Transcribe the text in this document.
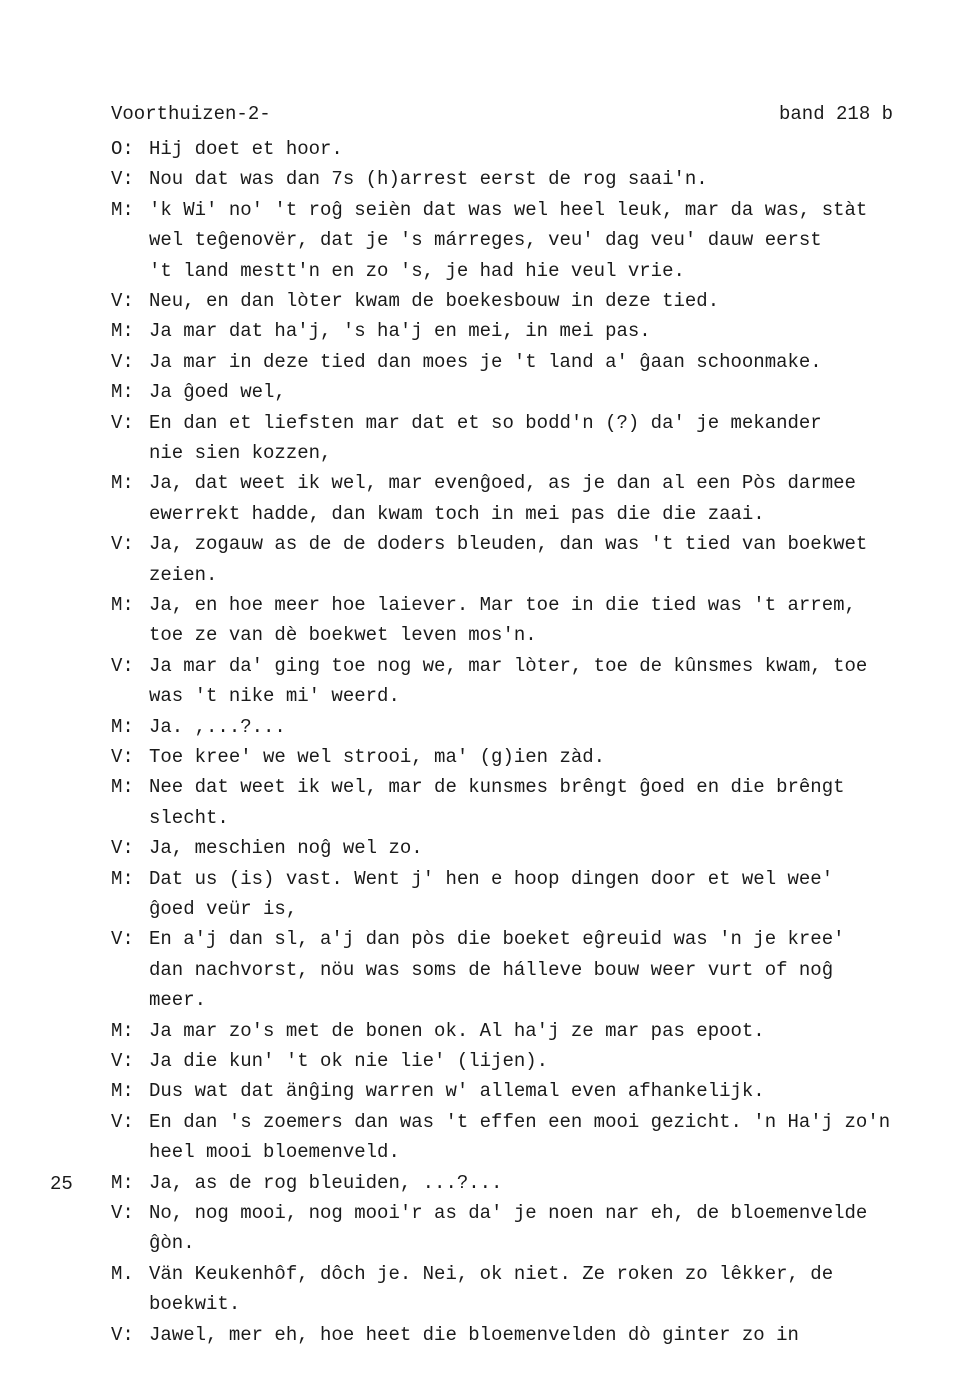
Voorthuizen-2-	band 218 b
O: Hij doet et hoor.
V: Nou dat was dan 7s (h)arrest eerst de rog saai'n.
M: 'k Wi' no' 't roĝ seièn dat was wel heel leuk, mar da was, stàt
wel teĝenovër, dat je 's márreges, veu' dag veu' dauw eerst
't land mestt'n en zo 's, je had hie veul vrie.
V: Neu, en dan lòter kwam de boekesbouw in deze tied.
M: Ja mar dat ha'j, 's ha'j en mei, in mei pas.
V: Ja mar in deze tied dan moes je 't land a' ĝaan schoonmake.
M: Ja ĝoed wel,
V: En dan et liefsten mar dat et so bodd'n (?) da' je mekander
nie sien kozzen,
M: Ja, dat weet ik wel, mar evenĝoed, as je dan al een Pòs darmee
ewerrekt hadde, dan kwam toch in mei pas die die zaai.
V: Ja, zogauw as de de doders bleuden, dan was 't tied van boekwet
zeien.
M: Ja, en hoe meer hoe laiever. Mar toe in die tied was 't arrem,
toe ze van dè boekwet leven mos'n.
V: Ja mar da' ging toe nog we, mar lòter, toe de kûnsmes kwam, toe
was 't nike mi' weerd.
M: Ja. ,...?...
V: Toe kree' we wel strooi, ma' (g)ien zàd.
M: Nee dat weet ik wel, mar de kunsmes brêngt ĝoed en die brêngt
slecht.
V: Ja, meschien noĝ wel zo.
M: Dat us (is) vast. Went j' hen e hoop dingen door et wel wee'
ĝoed veür is,
V: En a'j dan sl, a'j dan pòs die boeket eĝreuid was 'n je kree'
dan nachvorst, nöu was soms de hálleve bouw weer vurt of noĝ
meer.
M: Ja mar zo's met de bonen ok. Al ha'j ze mar pas epoot.
V: Ja die kun' 't ok nie lie' (lijen).
M: Dus wat dat änĝing warren w' allemal even afhankelijk.
V: En dan 's zoemers dan was 't effen een mooi gezicht. 'n Ha'j zo'n
heel mooi bloemenveld.
M:
25	Ja, as de rog bleuiden, ...?...
V: No, nog mooi, nog mooi'r as da' je noen nar eh, de bloemenvelde
ĝòn.
M. Vän Keukenhôf, dôch je. Nei, ok niet. Ze roken zo lêkker, de
boekwit.
V: Jawel, mer eh, hoe heet die bloemenvelden dò ginter zo in
